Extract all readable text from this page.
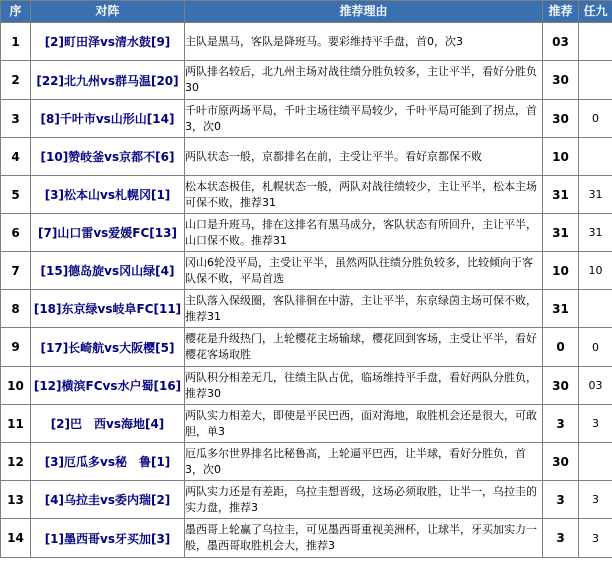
序	对阵	推荐理由	推荐	任九
1	[2]町田泽vs清水鼓[9]	主队是黑马，客队是降班马。要彩维持平手盘，首0，次3	03	
2	[22]北九州vs群马温[20]	两队排名较后，北九州主场对战往绩分胜负较多，主让平半，看好分胜负30	30	
3	[8]千叶市vs山形山[14]	千叶市原两场平局，千叶主场往绩平局较少，千叶平局可能到了拐点，首3，次0	30	0
4	[10]赞岐釜vs京都不[6]	两队状态一般，京都排名在前，主受让平半。看好京都保不败	10	
5	[3]松本山vs札幌冈[1]	松本状态极佳，札幌状态一般，两队对战往绩较少，主让平半，松本主场可保不败，推荐31	31	31
6	[7]山口雷vs爱媛FC[13]	山口是升班马，排在这排名有黑马成分，客队状态有所回升，主让平半，山口保不败。推荐31	31	31
7	[15]德岛旋vs冈山绿[4]	冈山6轮没平局，主受让平半，虽然两队往绩分胜负较多，比较倾向于客队保不败，平局首选	10	10
8	[18]东京绿vs岐阜FC[11]	主队落入保级圈，客队徘徊在中游，主让平半，东京绿茵主场可保不败，推荐31	31	
9	[17]长崎航vs大阪樱[5]	樱花是升级热门，上轮樱花主场输球，樱花回到客场，主受让平半，看好樱花客场取胜	0	0
10	[12]横滨FCvs水户蜀[16]	两队积分相差无几，往绩主队占优，临场维持平手盘，看好两队分胜负，推荐30	30	03
11	[2]巴　西vs海地[4]	两队实力相差大，即使是平民巴西，面对海地，取胜机会还是很大，可敢胆，单3	3	3
12	[3]厄瓜多vs秘　鲁[1]	厄瓜多尔世界排名比秘鲁高，上轮逼平巴西，让半球，看好分胜负，首3，次0	30	
13	[4]乌拉圭vs委内瑞[2]	两队实力还是有差距，乌拉圭想晋级，这场必须取胜，让半一，乌拉圭的实力盘，推荐3	3	3
14	[1]墨西哥vs牙买加[3]	墨西哥上轮赢了乌拉圭，可见墨西哥重视美洲杯，让球半，牙买加实力一般，墨西哥取胜机会大，推荐3	3	3
